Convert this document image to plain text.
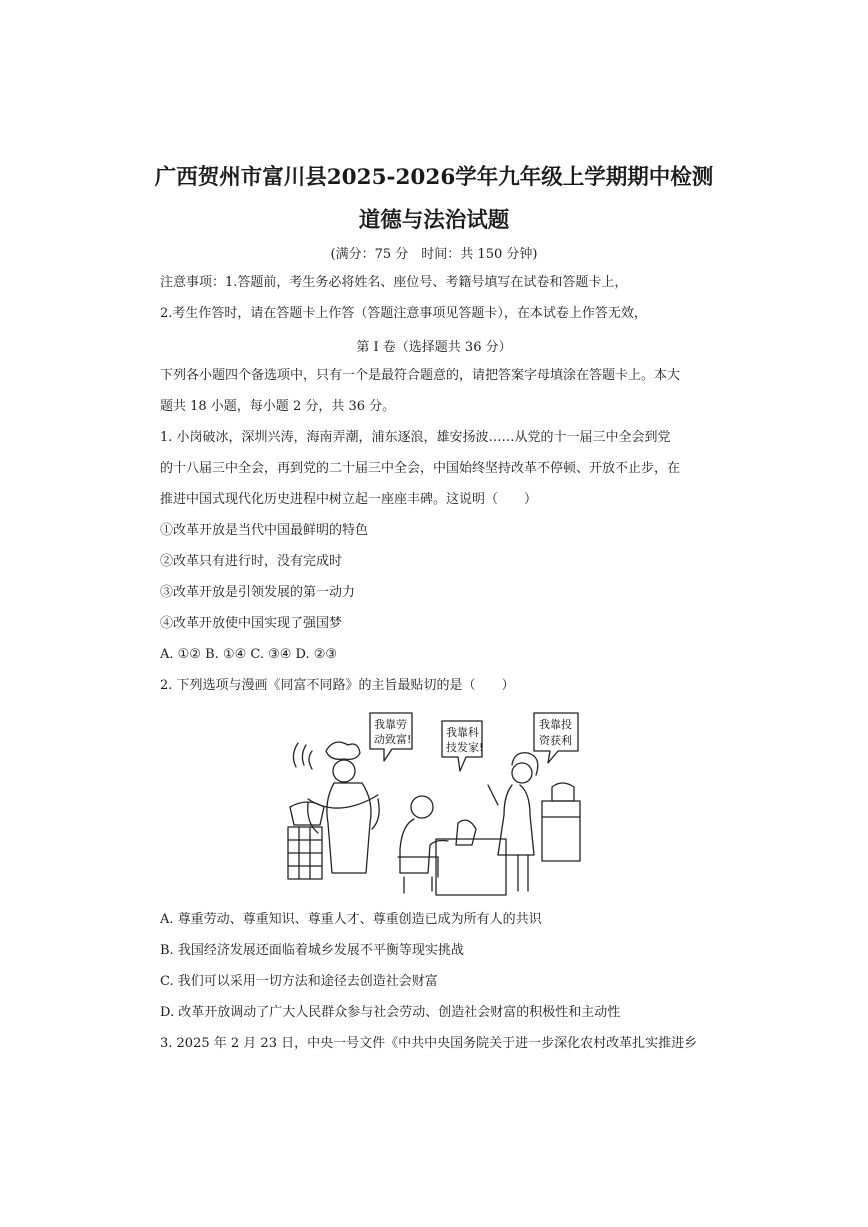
广西贺州市富川县2025-2026学年九年级上学期期中检测
道德与法治试题
(满分：75 分　时间：共 150 分钟)
注意事项：1.答题前，考生务必将姓名、座位号、考籍号填写在试卷和答题卡上，
2.考生作答时，请在答题卡上作答（答题注意事项见答题卡），在本试卷上作答无效，
第 I 卷（选择题共 36 分）
下列各小题四个备选项中，只有一个是最符合题意的，请把答案字母填涂在答题卡上。本大
题共 18 小题，每小题 2 分，共 36 分。
1. 小岗破冰，深圳兴涛，海南弄潮，浦东逐浪，雄安扬波……从党的十一届三中全会到党
的十八届三中全会，再到党的二十届三中全会，中国始终坚持改革不停顿、开放不止步，在
推进中国式现代化历史进程中树立起一座座丰碑。这说明（　　）
①改革开放是当代中国最鲜明的特色
②改革只有进行时，没有完成时
③改革开放是引领发展的第一动力
④改革开放使中国实现了强国梦
A. ①② B. ①④ C. ③④ D. ②③
2. 下列选项与漫画《同富不同路》的主旨最贴切的是（　　）
我靠劳
动致富!
我靠科
技发家!
我靠投
资获利
A. 尊重劳动、尊重知识、尊重人才、尊重创造已成为所有人的共识
B. 我国经济发展还面临着城乡发展不平衡等现实挑战
C. 我们可以采用一切方法和途径去创造社会财富
D. 改革开放调动了广大人民群众参与社会劳动、创造社会财富的积极性和主动性
3. 2025 年 2 月 23 日，中央一号文件《中共中央国务院关于进一步深化农村改革扎实推进乡
